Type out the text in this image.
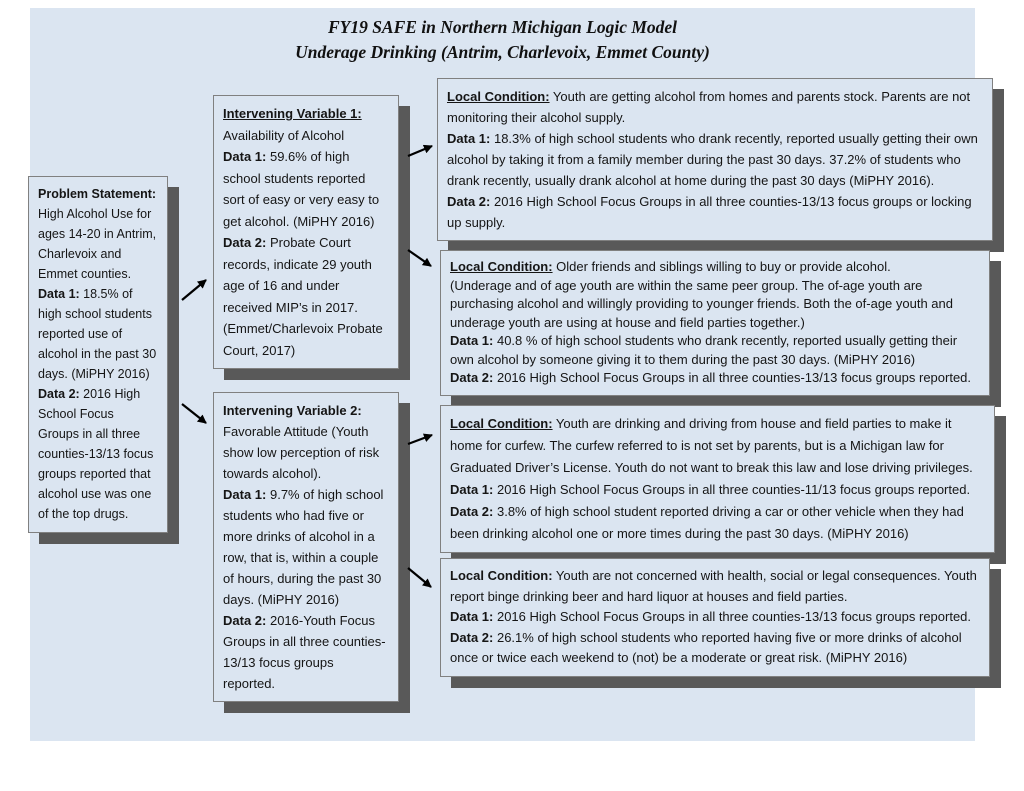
FY19 SAFE in Northern Michigan Logic Model
Underage Drinking (Antrim, Charlevoix, Emmet County)

Problem Statement:
High Alcohol Use for ages 14-20 in Antrim, Charlevoix and Emmet counties.
Data 1: 18.5% of high school students reported use of alcohol in the past 30 days. (MiPHY 2016)
Data 2: 2016 High School Focus Groups in all three counties-13/13 focus groups reported that alcohol use was one of the top drugs.

Intervening Variable 1:
Availability of Alcohol
Data 1: 59.6% of high school students reported sort of easy or very easy to get alcohol. (MiPHY 2016)
Data 2: Probate Court records, indicate 29 youth age of 16 and under received MIP’s in 2017. (Emmet/Charlevoix Probate Court, 2017)

Intervening Variable 2:
Favorable Attitude (Youth show low perception of risk towards alcohol).
Data 1: 9.7% of high school students who had five or more drinks of alcohol in a row, that is, within a couple of hours, during the past 30 days. (MiPHY 2016)
Data 2: 2016-Youth Focus Groups in all three counties-13/13 focus groups reported.

Local Condition: Youth are getting alcohol from homes and parents stock. Parents are not monitoring their alcohol supply.
Data 1: 18.3% of high school students who drank recently, reported usually getting their own alcohol by taking it from a family member during the past 30 days. 37.2% of students who drank recently, usually drank alcohol at home during the past 30 days (MiPHY 2016).
Data 2: 2016 High School Focus Groups in all three counties-13/13 focus groups or locking up supply.

Local Condition: Older friends and siblings willing to buy or provide alcohol.
(Underage and of age youth are within the same peer group. The of-age youth are purchasing alcohol and willingly providing to younger friends. Both the of-age youth and underage youth are using at house and field parties together.)
Data 1: 40.8 % of high school students who drank recently, reported usually getting their own alcohol by someone giving it to them during the past 30 days. (MiPHY 2016)
Data 2: 2016 High School Focus Groups in all three counties-13/13 focus groups reported.

Local Condition: Youth are drinking and driving from house and field parties to make it home for curfew. The curfew referred to is not set by parents, but is a Michigan law for Graduated Driver’s License. Youth do not want to break this law and lose driving privileges.
Data 1: 2016 High School Focus Groups in all three counties-11/13 focus groups reported.
Data 2: 3.8% of high school student reported driving a car or other vehicle when they had been drinking alcohol one or more times during the past 30 days. (MiPHY 2016)

Local Condition: Youth are not concerned with health, social or legal consequences. Youth report binge drinking beer and hard liquor at houses and field parties.
Data 1: 2016 High School Focus Groups in all three counties-13/13 focus groups reported.
Data 2: 26.1% of high school students who reported having five or more drinks of alcohol once or twice each weekend to (not) be a moderate or great risk. (MiPHY 2016)
